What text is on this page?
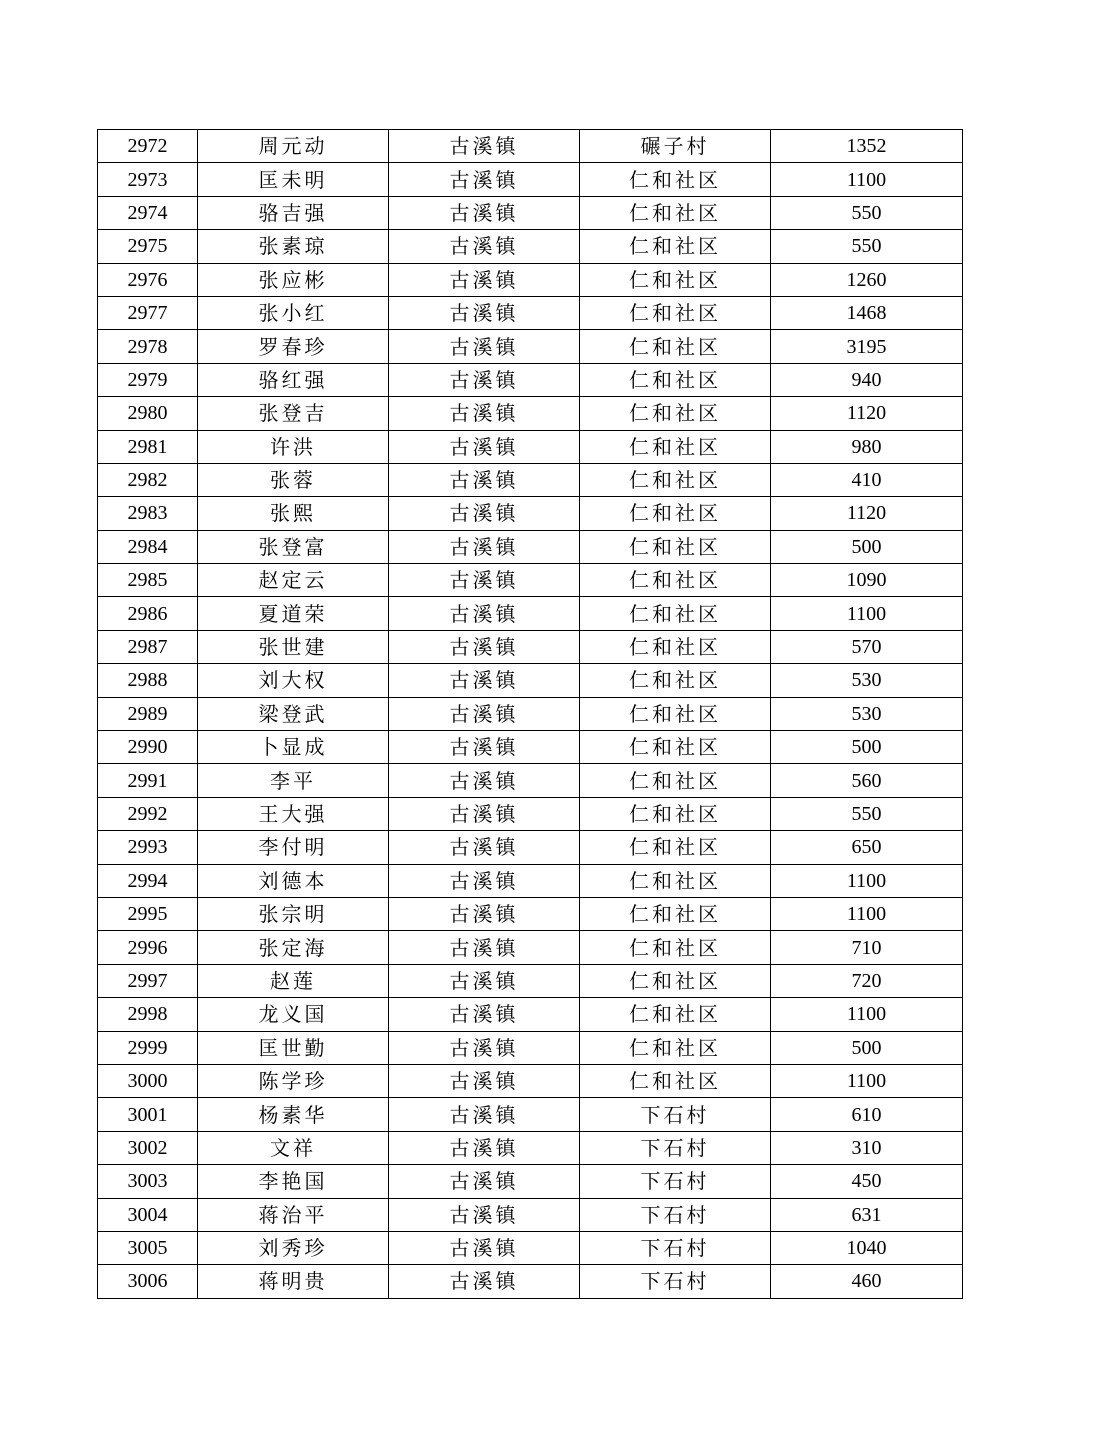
2972	周元动	古溪镇	碾子村	1352
2973	匡未明	古溪镇	仁和社区	1100
2974	骆吉强	古溪镇	仁和社区	550
2975	张素琼	古溪镇	仁和社区	550
2976	张应彬	古溪镇	仁和社区	1260
2977	张小红	古溪镇	仁和社区	1468
2978	罗春珍	古溪镇	仁和社区	3195
2979	骆红强	古溪镇	仁和社区	940
2980	张登吉	古溪镇	仁和社区	1120
2981	许洪	古溪镇	仁和社区	980
2982	张蓉	古溪镇	仁和社区	410
2983	张熙	古溪镇	仁和社区	1120
2984	张登富	古溪镇	仁和社区	500
2985	赵定云	古溪镇	仁和社区	1090
2986	夏道荣	古溪镇	仁和社区	1100
2987	张世建	古溪镇	仁和社区	570
2988	刘大权	古溪镇	仁和社区	530
2989	梁登武	古溪镇	仁和社区	530
2990	卜显成	古溪镇	仁和社区	500
2991	李平	古溪镇	仁和社区	560
2992	王大强	古溪镇	仁和社区	550
2993	李付明	古溪镇	仁和社区	650
2994	刘德本	古溪镇	仁和社区	1100
2995	张宗明	古溪镇	仁和社区	1100
2996	张定海	古溪镇	仁和社区	710
2997	赵莲	古溪镇	仁和社区	720
2998	龙义国	古溪镇	仁和社区	1100
2999	匡世勤	古溪镇	仁和社区	500
3000	陈学珍	古溪镇	仁和社区	1100
3001	杨素华	古溪镇	下石村	610
3002	文祥	古溪镇	下石村	310
3003	李艳国	古溪镇	下石村	450
3004	蒋治平	古溪镇	下石村	631
3005	刘秀珍	古溪镇	下石村	1040
3006	蒋明贵	古溪镇	下石村	460
